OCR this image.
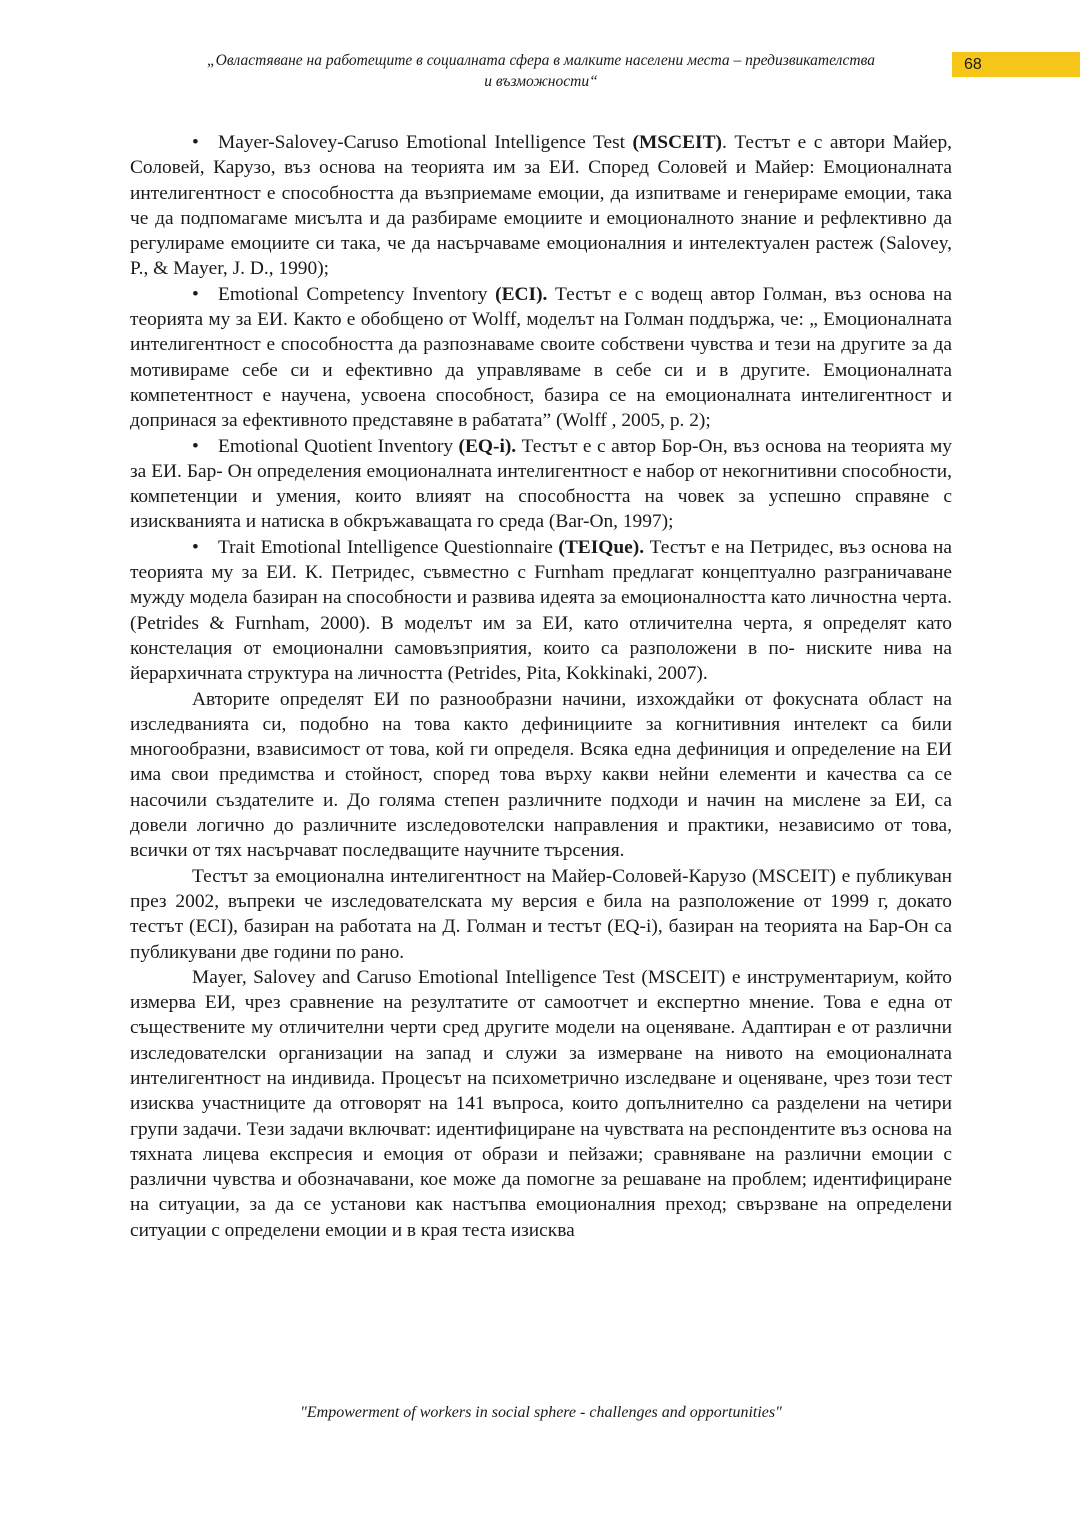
„Овластяване на работещите в социалната сфера в малките населени места – предизвикателства
и възможности“
68

• Mayer-Salovey-Caruso Emotional Intelligence Test (MSCEIT). Тестът е с автори Майер, Соловей, Карузо, въз основа на теорията им за ЕИ. Според Соловей и Майер: Емоционалната интелигентност е способността да възприемаме емоции, да изпитваме и генерираме емоции, така че да подпомагаме мисълта и да разбираме емоциите и емоционалното знание и рефлективно да регулираме емоциите си така, че да насърчаваме емоционалния и интелектуален растеж (Salovey, P., & Mayer, J. D., 1990);

• Emotional Competency Inventory (ECI). Тестът е с водещ автор Голман, въз основа на теорията му за ЕИ. Както е обобщено от Wolff, моделът на Голман поддържа, че: „ Емоционалната интелигентност е способността да разпознаваме своите собствени чувства и тези на другите за да мотивираме себе си и ефективно да управляваме в себе си и в другите. Емоционалната компетентност е научена, усвоена способност, базира се на емоционалната интелигентност и допринася за ефективното представяне в рабатата” (Wolff , 2005, p. 2);

• Emotional Quotient Inventory (EQ-i). Тестът е с автор Бор-Он, въз основа на теорията му за ЕИ. Бар- Он определения емоционалната интелигентност е набор от некогнитивни способности, компетенции и умения, които влияят на способността на човек за успешно справяне с изискванията и натиска в обкръжаващата го среда (Bar-On, 1997);

• Trait Emotional Intelligence Questionnaire (TEIQue). Тестът е на Петридес, въз основа на теорията му за ЕИ. К. Петридес, съвместно с Furnham предлагат концептуално разграничаване мужду модела базиран на способности и развива идеята за емоционалността като личностна черта. (Petrides & Furnham, 2000). В моделът им за ЕИ, като отличителна черта, я определят като констелация от емоционални самовъзприятия, които са разположени в по- ниските нива на йерархичната структура на личността (Petrides, Pita, Kokkinaki, 2007).

Авторите определят ЕИ по разнообразни начини, изхождайки от фокусната област на изследванията си, подобно на това както дефинициите за когнитивния интелект са били многообразни, взависимост от това, кой ги определя. Всяка една дефиниция и определение на ЕИ има свои предимства и стойност, според това върху какви нейни елементи и качества са се насочили създателите и. До голяма степен различните подходи и начин на мислене за ЕИ, са довели логично до различните изследовотелски направления и практики, независимо от това, всички от тях насърчават последващите научните търсения.

Тестът за емоционална интелигентност на Майер-Соловей-Карузо (MSCEIT) е публикуван през 2002, въпреки че изследователската му версия е била на разположение от 1999 г, докато тестът (ECI), базиран на работата на Д. Голман и тестът (EQ-i), базиран на теорията на Бар-Он са публикувани две години по рано.

Mayer, Salovey and Caruso Emotional Intelligence Test (MSCEIT) е инструментариум, който измерва ЕИ, чрез сравнение на резултатите от самоотчет и експертно мнение. Това е една от съществените му отличителни черти сред другите модели на оценяване. Адаптиран е от различни изследователски организации на запад и служи за измерване на нивото на емоционалната интелигентност на индивида. Процесът на психометрично изследване и оценяване, чрез този тест изисква участниците да отговорят на 141 въпроса, които допълнително са разделени на четири групи задачи. Тези задачи включват: идентифициране на чувствата на респондентите въз основа на тяхната лицева експресия и емоция от образи и пейзажи; сравняване на различни емоции с различни чувства и обозначавани, кое може да помогне за решаване на проблем; идентифициране на ситуации, за да се установи как настъпва емоционалния преход; свързване на определени ситуации с определени емоции и в края теста изисква

"Empowerment of workers in social sphere - challenges and opportunities"
